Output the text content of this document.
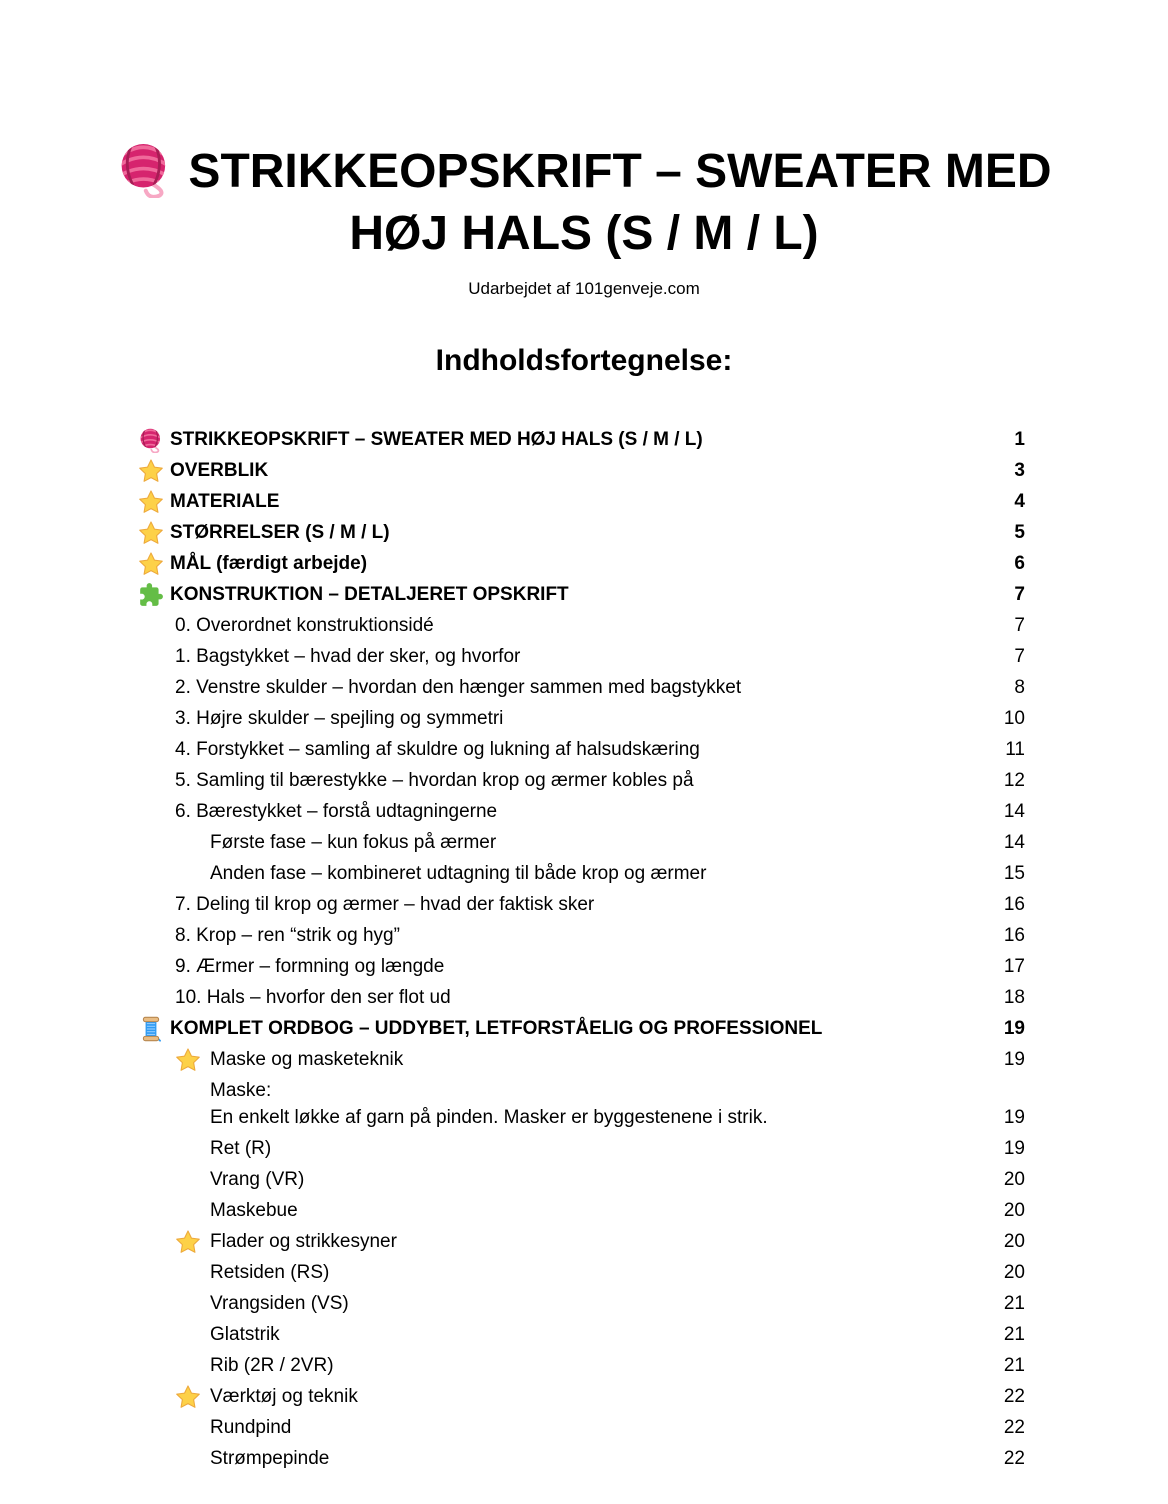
STRIKKEOPSKRIFT – SWEATER MED
HØJ HALS (S / M / L)
Udarbejdet af 101genveje.com
Indholdsfortegnelse:
STRIKKEOPSKRIFT – SWEATER MED HØJ HALS (S / M / L)	1
OVERBLIK	3
MATERIALE	4
STØRRELSER (S / M / L)	5
MÅL (færdigt arbejde)	6
KONSTRUKTION – DETALJERET OPSKRIFT	7
0. Overordnet konstruktionsidé	7
1. Bagstykket – hvad der sker, og hvorfor	7
2. Venstre skulder – hvordan den hænger sammen med bagstykket	8
3. Højre skulder – spejling og symmetri	10
4. Forstykket – samling af skuldre og lukning af halsudskæring	11
5. Samling til bærestykke – hvordan krop og ærmer kobles på	12
6. Bærestykket – forstå udtagningerne	14
Første fase – kun fokus på ærmer	14
Anden fase – kombineret udtagning til både krop og ærmer	15
7. Deling til krop og ærmer – hvad der faktisk sker	16
8. Krop – ren “strik og hyg”	16
9. Ærmer – formning og længde	17
10. Hals – hvorfor den ser flot ud	18
KOMPLET ORDBOG – UDDYBET, LETFORSTÅELIG OG PROFESSIONEL	19
Maske og masketeknik	19
Maske:
En enkelt løkke af garn på pinden. Masker er byggestenene i strik.	19
Ret (R)	19
Vrang (VR)	20
Maskebue	20
Flader og strikkesyner	20
Retsiden (RS)	20
Vrangsiden (VS)	21
Glatstrik	21
Rib (2R / 2VR)	21
Værktøj og teknik	22
Rundpind	22
Strømpepinde	22
